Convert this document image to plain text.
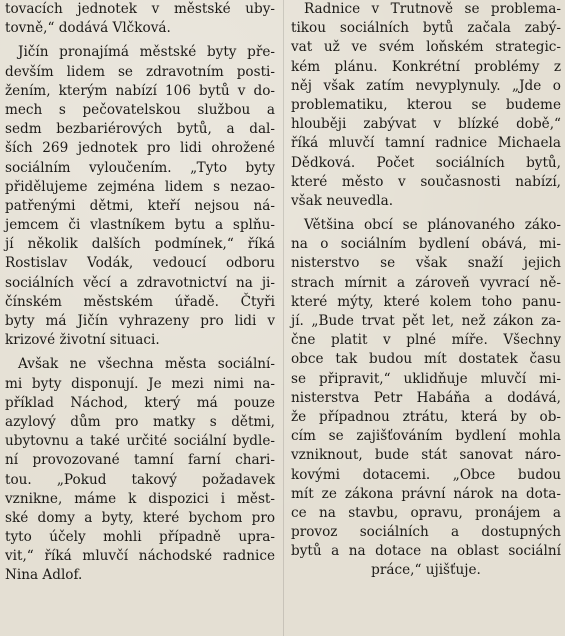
tovacích jednotek v městské uby-
tovně,“ dodává Vlčková.
Jičín pronajímá městské byty pře-
devším lidem se zdravotním posti-
žením, kterým nabízí 106 bytů v do-
mech s pečovatelskou službou a
sedm bezbariérových bytů, a dal-
ších 269 jednotek pro lidi ohrožené
sociálním vyloučením. „Tyto byty
přidělujeme zejména lidem s nezao-
patřenými dětmi, kteří nejsou ná-
jemcem či vlastníkem bytu a splňu-
jí několik dalších podmínek,“ říká
Rostislav Vodák, vedoucí odboru
sociálních věcí a zdravotnictví na ji-
čínském městském úřadě. Čtyři
byty má Jičín vyhrazeny pro lidi v
krizové životní situaci.
Avšak ne všechna města sociální-
mi byty disponují. Je mezi nimi na-
příklad Náchod, který má pouze
azylový dům pro matky s dětmi,
ubytovnu a také určité sociální bydle-
ní provozované tamní farní chari-
tou. „Pokud takový požadavek
vznikne, máme k dispozici i měst-
ské domy a byty, které bychom pro
tyto účely mohli případně upra-
vit,“ říká mluvčí náchodské radnice
Nina Adlof.
Radnice v Trutnově se problema-
tikou sociálních bytů začala zabý-
vat už ve svém loňském strategic-
kém plánu. Konkrétní problémy z
něj však zatím nevyplynuly. „Jde o
problematiku, kterou se budeme
hlouběji zabývat v blízké době,“
říká mluvčí tamní radnice Michaela
Dědková. Počet sociálních bytů,
které město v současnosti nabízí,
však neuvedla.
Většina obcí se plánovaného záko-
na o sociálním bydlení obává, mi-
nisterstvo se však snaží jejich
strach mírnit a zároveň vyvrací ně-
které mýty, které kolem toho panu-
jí. „Bude trvat pět let, než zákon za-
čne platit v plné míře. Všechny
obce tak budou mít dostatek času
se připravit,“ uklidňuje mluvčí mi-
nisterstva Petr Habáňa a dodává,
že případnou ztrátu, která by ob-
cím se zajišťováním bydlení mohla
vzniknout, bude stát sanovat náro-
kovými dotacemi. „Obce budou
mít ze zákona právní nárok na dota-
ce na stavbu, opravu, pronájem a
provoz sociálních a dostupných
bytů a na dotace na oblast sociální
práce,“ ujišťuje.
